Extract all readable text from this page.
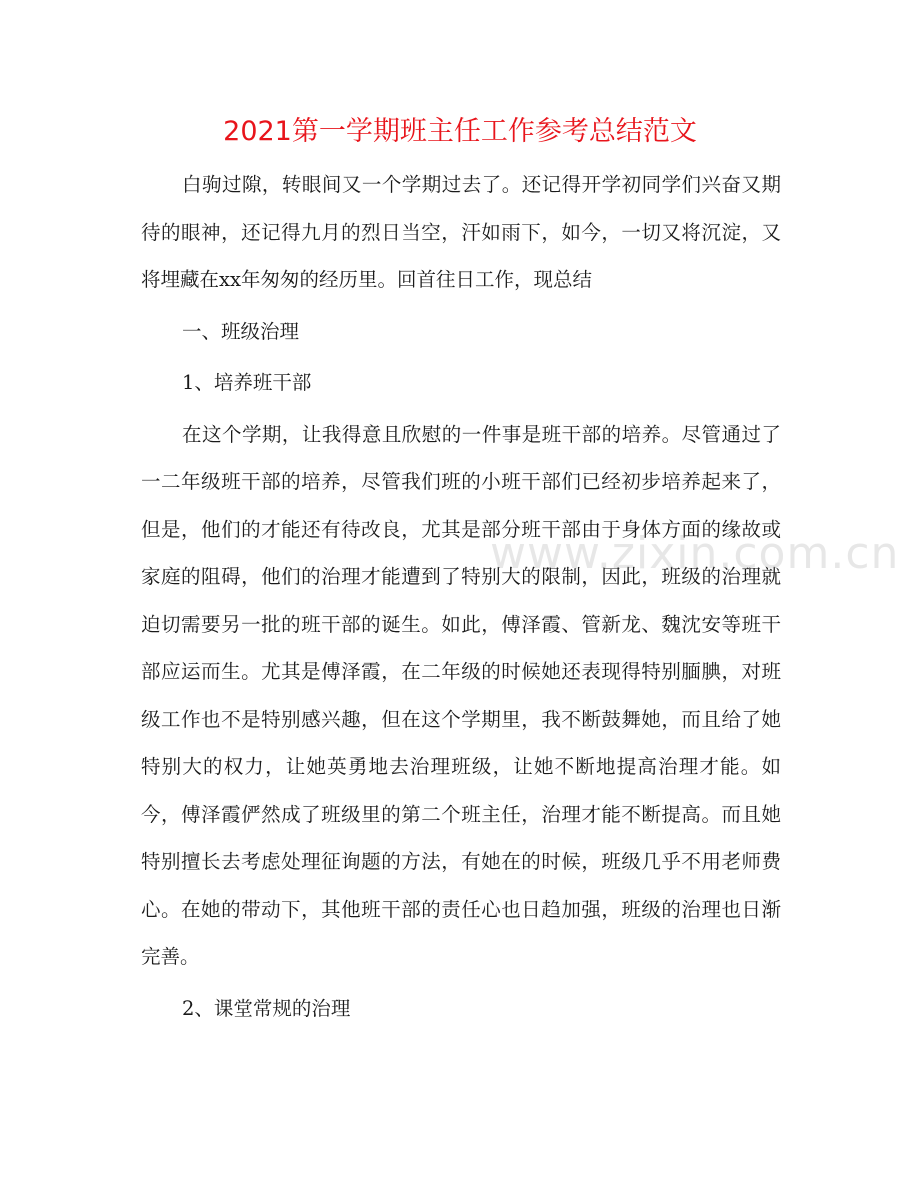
2021第一学期班主任工作参考总结范文

白驹过隙，转眼间又一个学期过去了。还记得开学初同学们兴奋又期待的眼神，还记得九月的烈日当空，汗如雨下，如今，一切又将沉淀，又将埋藏在xx年匆匆的经历里。回首往日工作，现总结

一、班级治理

1、培养班干部

在这个学期，让我得意且欣慰的一件事是班干部的培养。尽管通过了一二年级班干部的培养，尽管我们班的小班干部们已经初步培养起来了，但是，他们的才能还有待改良，尤其是部分班干部由于身体方面的缘故或家庭的阻碍，他们的治理才能遭到了特别大的限制，因此，班级的治理就迫切需要另一批的班干部的诞生。如此，傅泽霞、管新龙、魏沈安等班干部应运而生。尤其是傅泽霞，在二年级的时候她还表现得特别腼腆，对班级工作也不是特别感兴趣，但在这个学期里，我不断鼓舞她，而且给了她特别大的权力，让她英勇地去治理班级，让她不断地提高治理才能。如今，傅泽霞俨然成了班级里的第二个班主任，治理才能不断提高。而且她特别擅长去考虑处理征询题的方法，有她在的时候，班级几乎不用老师费心。在她的带动下，其他班干部的责任心也日趋加强，班级的治理也日渐完善。

2、课堂常规的治理

www.zixin.com.cn
